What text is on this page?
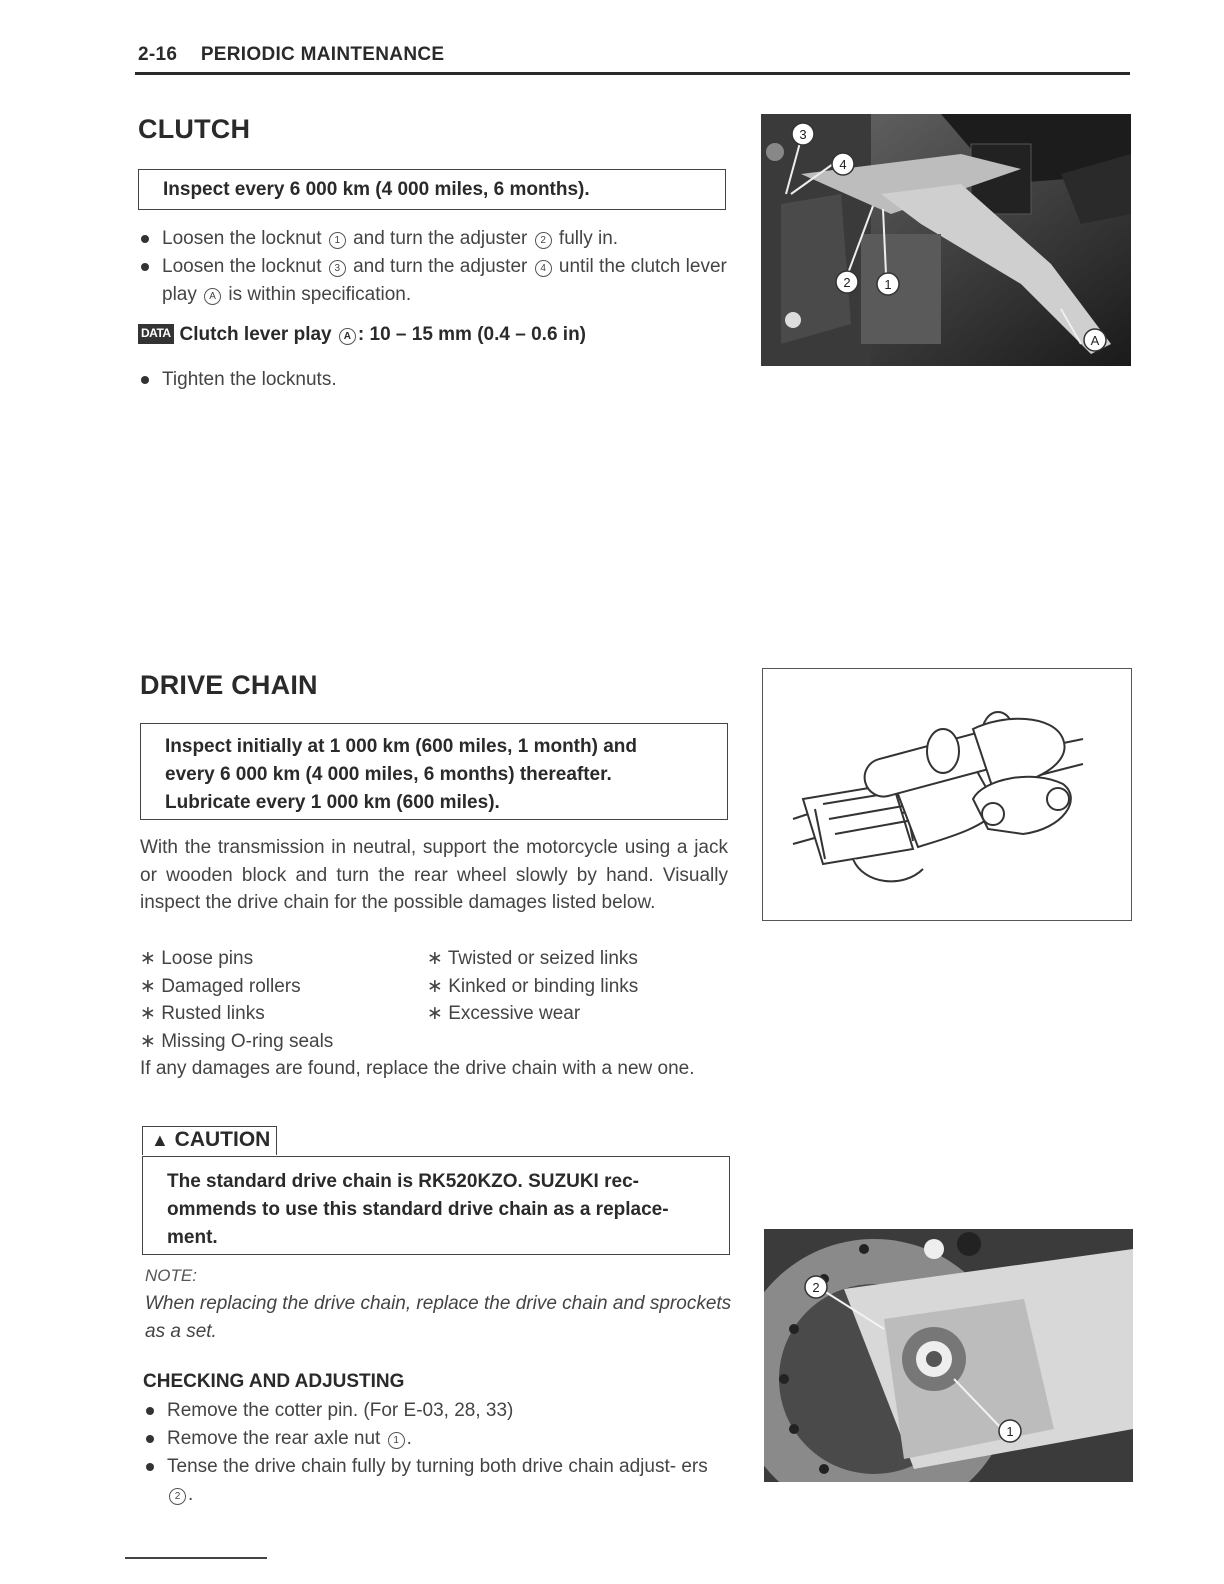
2-16 PERIODIC MAINTENANCE
CLUTCH
Inspect every 6 000 km (4 000 miles, 6 months).
Loosen the locknut 1 and turn the adjuster 2 fully in.
Loosen the locknut 3 and turn the adjuster 4 until the clutch lever play A is within specification.
DATA Clutch lever play A : 10 – 15 mm (0.4 – 0.6 in)
Tighten the locknuts.
3
4
2	1
A
DRIVE CHAIN
Inspect initially at 1 000 km (600 miles, 1 month) and
every 6 000 km (4 000 miles, 6 months) thereafter.
Lubricate every 1 000 km (600 miles).
With the transmission in neutral, support the motorcycle using a jack or wooden block and turn the rear wheel slowly by hand. Visually inspect the drive chain for the possible damages listed below.
∗ Loose pins	∗ Twisted or seized links
∗ Damaged rollers	∗ Kinked or binding links
∗ Rusted links	∗ Excessive wear
∗ Missing O-ring seals
If any damages are found, replace the drive chain with a new one.
▲ CAUTION
The standard drive chain is RK520KZO. SUZUKI rec- ommends to use this standard drive chain as a replace- ment.
NOTE:
When replacing the drive chain, replace the drive chain and sprockets as a set.
CHECKING AND ADJUSTING
Remove the cotter pin. (For E-03, 28, 33)
Remove the rear axle nut 1 .
Tense the drive chain fully by turning both drive chain adjust- ers 2 .
2
1
